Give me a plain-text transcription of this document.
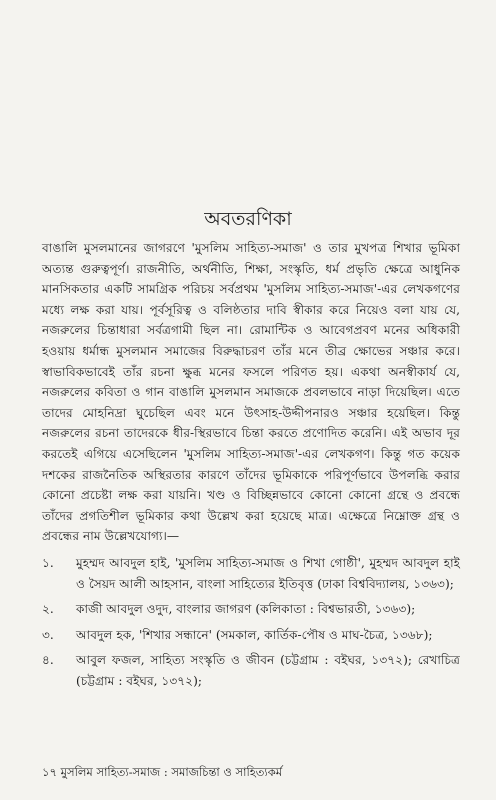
অবতরণিকা

বাঙালি মুসলমানের জাগরণে 'মুসলিম সাহিত্য-সমাজ' ও তার মুখপত্র শিখার ভূমিকা অত্যন্ত গুরুত্বপূর্ণ। রাজনীতি, অর্থনীতি, শিক্ষা, সংস্কৃতি, ধর্ম প্রভৃতি ক্ষেত্রে আধুনিক মানসিকতার একটি সামগ্রিক পরিচয় সর্বপ্রথম 'মুসলিম সাহিত্য-সমাজ'-এর লেখকগণের মধ্যে লক্ষ করা যায়। পূর্বসূরিত্ব ও বলিষ্ঠতার দাবি স্বীকার করে নিয়েও বলা যায় যে, নজরুলের চিন্তাধারা সর্বত্রগামী ছিল না। রোমান্টিক ও আবেগপ্রবণ মনের অধিকারী হওয়ায় ধর্মান্ধ মুসলমান সমাজের বিরুদ্ধাচরণ তাঁর মনে তীব্র ক্ষোভের সঞ্চার করে। স্বাভাবিকভাবেই তাঁর রচনা ক্ষুব্ধ মনের ফসলে পরিণত হয়। একথা অনস্বীকার্য যে, নজরুলের কবিতা ও গান বাঙালি মুসলমান সমাজকে প্রবলভাবে নাড়া দিয়েছিল। এতে তাদের মোহনিদ্রা ঘুচেছিল এবং মনে উৎসাহ-উদ্দীপনারও সঞ্চার হয়েছিল। কিন্তু নজরুলের রচনা তাদেরকে ধীর-স্থিরভাবে চিন্তা করতে প্রণোদিত করেনি। এই অভাব দূর করতেই এগিয়ে এসেছিলেন 'মুসলিম সাহিত্য-সমাজ'-এর লেখকগণ। কিন্তু গত কয়েক দশকের রাজনৈতিক অস্থিরতার কারণে তাঁদের ভূমিকাকে পরিপূর্ণভাবে উপলব্ধি করার কোনো প্রচেষ্টা লক্ষ করা যায়নি। খণ্ড ও বিচ্ছিন্নভাবে কোনো কোনো গ্রন্থে ও প্রবন্ধে তাঁদের প্রগতিশীল ভূমিকার কথা উল্লেখ করা হয়েছে মাত্র। এক্ষেত্রে নিম্নোক্ত গ্রন্থ ও প্রবন্ধের নাম উল্লেখযোগ্য।—

১. মুহম্মদ আবদুল হাই, 'মুসলিম সাহিত্য-সমাজ ও শিখা গোষ্ঠী', মুহম্মদ আবদুল হাই ও সৈয়দ আলী আহসান, বাংলা সাহিত্যের ইতিবৃত্ত (ঢাকা বিশ্ববিদ্যালয়, ১৩৬৩);
২. কাজী আবদুল ওদুদ, বাংলার জাগরণ (কলিকাতা : বিশ্বভারতী, ১৩৬৩);
৩. আবদুল হক, 'শিখার সন্ধানে' (সমকাল, কার্তিক-পৌষ ও মাঘ-চৈত্র, ১৩৬৮);
৪. আবুল ফজল, সাহিত্য সংস্কৃতি ও জীবন (চট্টগ্রাম : বইঘর, ১৩৭২); রেখাচিত্র (চট্টগ্রাম : বইঘর, ১৩৭২);
১৭ মুসলিম সাহিত্য-সমাজ : সমাজচিন্তা ও সাহিত্যকর্ম
